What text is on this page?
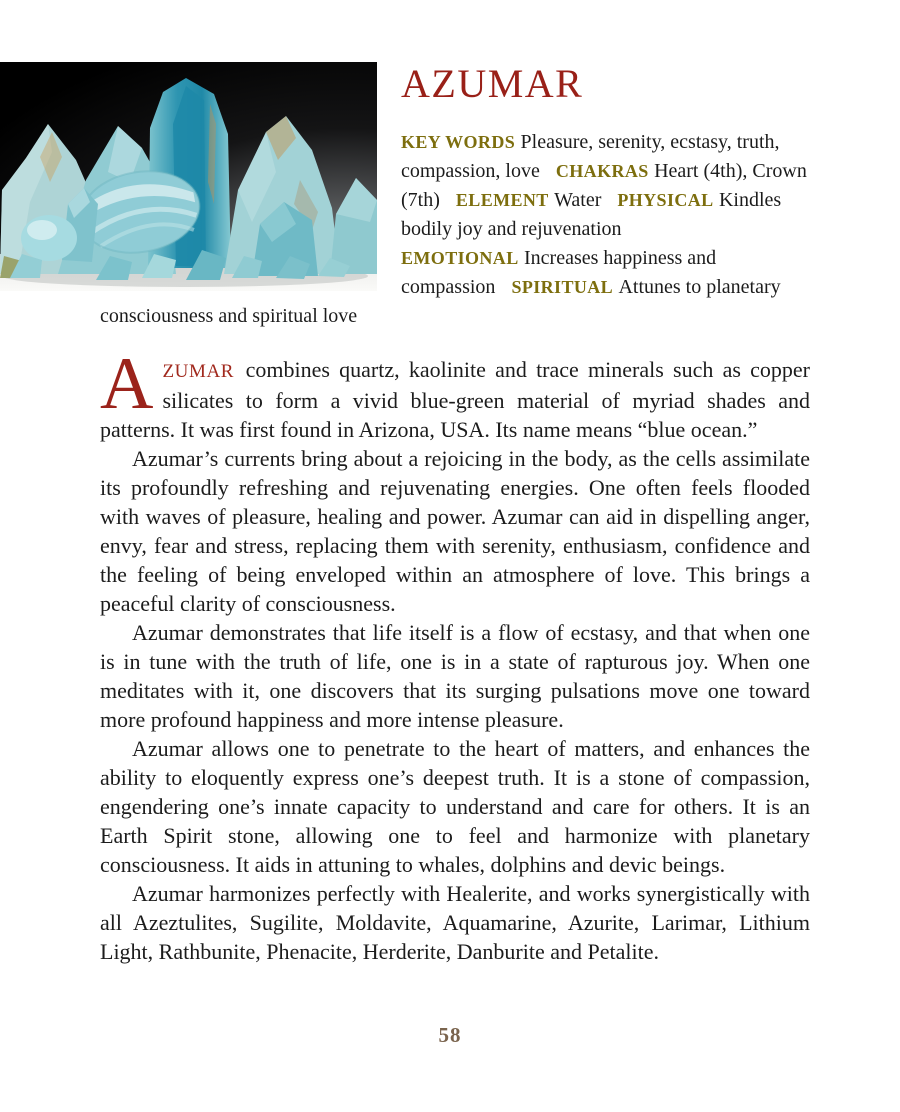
AZUMAR

KEY WORDS Pleasure, serenity, ecstasy, truth, compassion, love CHAKRAS Heart (4th), Crown (7th) ELEMENT Water PHYSICAL Kindles bodily joy and rejuvenation EMOTIONAL Increases happiness and compassion SPIRITUAL Attunes to planetary consciousness and spiritual love

AZUMAR combines quartz, kaolinite and trace minerals such as copper silicates to form a vivid blue-green material of myriad shades and patterns. It was first found in Arizona, USA. Its name means “blue ocean.”

Azumar’s currents bring about a rejoicing in the body, as the cells assimilate its profoundly refreshing and rejuvenating energies. One often feels flooded with waves of pleasure, healing and power. Azumar can aid in dispelling anger, envy, fear and stress, replacing them with serenity, enthusiasm, confidence and the feeling of being enveloped within an atmosphere of love. This brings a peaceful clarity of consciousness.

Azumar demonstrates that life itself is a flow of ecstasy, and that when one is in tune with the truth of life, one is in a state of rapturous joy. When one meditates with it, one discovers that its surging pulsations move one toward more profound happiness and more intense pleasure.

Azumar allows one to penetrate to the heart of matters, and enhances the ability to eloquently express one’s deepest truth. It is a stone of compassion, engendering one’s innate capacity to understand and care for others. It is an Earth Spirit stone, allowing one to feel and harmonize with planetary consciousness. It aids in attuning to whales, dolphins and devic beings.

Azumar harmonizes perfectly with Healerite, and works synergistically with all Azeztulites, Sugilite, Moldavite, Aquamarine, Azurite, Larimar, Lithium Light, Rathbunite, Phenacite, Herderite, Danburite and Petalite.

58
